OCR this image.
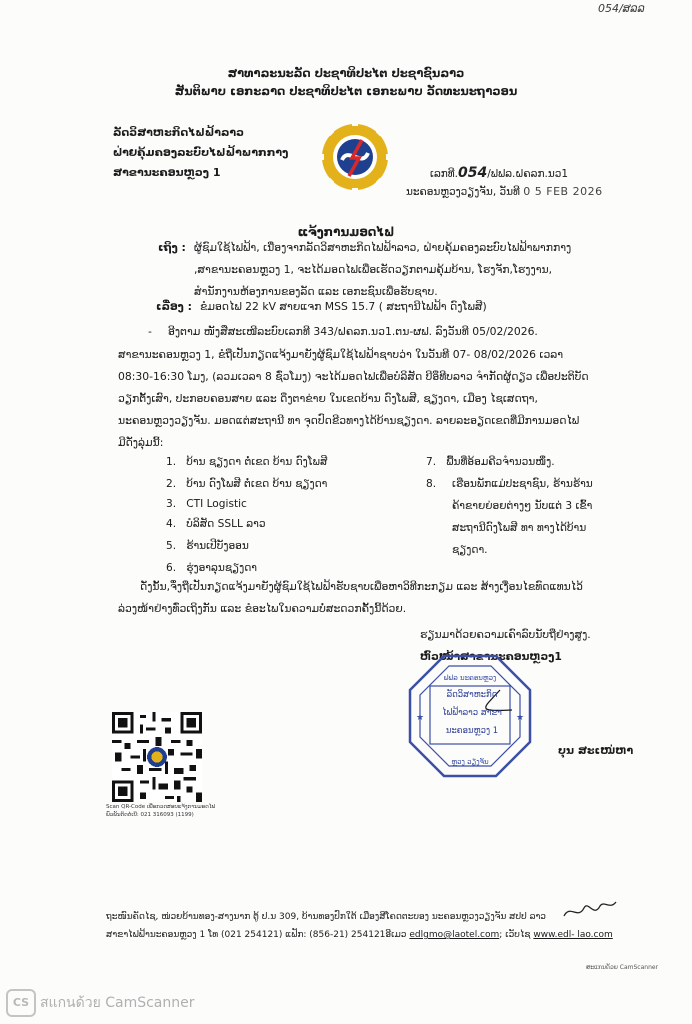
054/ສລລ
ສາທາລະນະລັດ ປະຊາທິປະໄຕ ປະຊາຊົນລາວ
ສັນຕິພາບ ເອກະລາດ ປະຊາທິປະໄຕ ເອກະພາບ ວັດທະນະຖາວອນ
ລັດວິສາຫະກິດໄຟຟ້າລາວ
ຝ່າຍຄຸ້ມຄອງລະບົບໄຟຟ້າພາກກາງ
ສາຂານະຄອນຫຼວງ 1	ເລກທີ.054/ຟຟລ.ຝຄລກ.ນວ1
ນະຄອນຫຼວງວຽງຈັນ, ວັນທີ 0 5 FEB 2026
ແຈ້ງການມອດໄຟ
ເຖິງ : ຜູ້ຊົມໃຊ້ໄຟຟ້າ, ເນື່ອງຈາກລັດວິສາຫະກິດໄຟຟ້າລາວ, ຝ່າຍຄຸ້ມຄອງລະບົບໄຟຟ້າພາກກາງ
,ສາຂານະຄອນຫຼວງ 1, ຈະໄດ້ມອດໄຟເພື່ອເຮັດວຽກຕາມຄຸ້ມບ້ານ, ໂຮງຈັກ,ໂຮງງານ,
ສໍານັກງານຫ້ອງການຂອງລັດ ແລະ ເອກະຊົນເພື່ອຮັບຊາບ.
ເລື່ອງ : ຂໍມອດໄຟ 22 kV ສາຍແຈກ MSS 15.7 ( ສະຖານີໄຟຟ້າ ດົງໂພສີ)
- ອີງຕາມ ໜັງສືສະເໜີລະບົບເລກທີ 343/ຝຄລກ.ນວ1.ຕນ-ຜຟ. ລົງວັນທີ 05/02/2026.
ສາຂານະຄອນຫຼວງ 1, ຂໍຖືເປັນກຽດແຈ້ງມາຍັງຜູ້ຊົມໃຊ້ໄຟຟ້າຊາບວ່າ ໃນວັນທີ 07- 08/02/2026 ເວລາ
08:30-16:30 ໂມງ, (ລວມເວລາ 8 ຊົ່ວໂມງ) ຈະໄດ້ມອດໄຟເພື່ອບໍລິສັດ ບີອຶທີບລາວ ຈໍາກັດຜູ້ດຽວ ເພື່ອປະຕິບັດ
ວຽກຕັ້ງເສົາ, ປະກອບຄອນສາຍ ແລະ ດຶງຕາຂ່າຍ ໃນເຂດບ້ານ ດົງໂພສີ, ຊຽງດາ, ເມືອງ ໄຊເສດຖາ,
ນະຄອນຫຼວງວຽງຈັນ. ມອດແຕ່ສະຖານີ ທາ ຈຸດປົດຂີວທາງໄດ້ບ້ານຊຽງດາ. ລາຍລະອຽດເຂດທີ່ມີການມອດໄຟ
ມີດັ່ງລຸ່ມນີ້:
1. ບ້ານ ຊຽງດາ ຕໍ່ເຂດ ບ້ານ ດົງໂພສີ
2. ບ້ານ ດົງໂພສີ ຕໍ່ເຂດ ບ້ານ ຊຽງດາ
3. CTI Logistic
4. ບໍລິສັດ SSLL ລາວ
5. ຮ້ານເປີບັງອອນ
6. ຮຸ່ງອາລຸນຊຽງດາ
7. ພື້ນທີ່ອ້ອມຄີວຈໍານວນໜຶ່ງ.
8. ເຮືອນພັກແມ່ປະຊາຊົນ, ຮ້ານຮ້ານ
ຄ້າຂາຍຍ່ອຍຕ່າງໆ ນັບແຕ່ 3 ເຂົ້າ
ສະຖານີດົງໂພສີ ທາ ທາງໄດ້ບ້ານ
ຊຽງດາ.
ດັ່ງນັ້ນ,ຈຶ່ງຖືເປັນກຽດແຈ້ງມາຍັງຜູ້ຊົມໃຊ້ໄຟຟ້າຮັບຊາບເພື່ອຫາວິທີກະກຽມ ແລະ ສ້າງເງື່ອນໄຂທົດແທນໄວ້
ລ່ວງໜ້າຢ່າງທົ່ວເຖິງກັນ ແລະ ຂໍອະໄພໃນຄວາມບໍ່ສະດວກຄັ້ງນີ້ດ້ວຍ.
ຮຽນມາດ້ວຍຄວາມເຄົາລົບນັບຖືຢ່າງສູງ.
ຫົວໜ້າສາຂານະຄອນຫຼວງ1
ຟຟລ ນະຄອນຫຼວງ
ຫຼວງ ວຽງຈັນ
★	★
ລັດວິສາຫະກິດ
ໄຟຟ້າລາວ ສາຂາ
ນະຄອນຫຼວງ 1
ບຸນ ສະເໜ່ຫາ
Scan QR-Code ເພື່ອກວດສອບແຈ້ງການມອດໄຟ
ພົວພັນຕິດຕໍ່ເບີ: 021 316093 (1199)
ຖະໜົນຄັດໄຊ, ໜ່ວຍບ້ານທອງ-ສາງນາກ ຕູ້ ປ.ນ 309, ບ້ານທອງປົກໃຕ້ ເມືອງສີໂຄດຕະບອງ ນະຄອນຫຼວງວຽງຈັນ ສປປ ລາວ
ສາຂາໄຟຟ້ານະຄອນຫຼວງ 1 ໂທ (021 254121) ແຟັກ: (856-21) 254121ອີເມວ edlgmo@laotel.com; ເວັບໄຊ www.edl- lao.com
ສະແກນດ້ວຍ CamScanner
CS สแกนด้วย CamScanner
